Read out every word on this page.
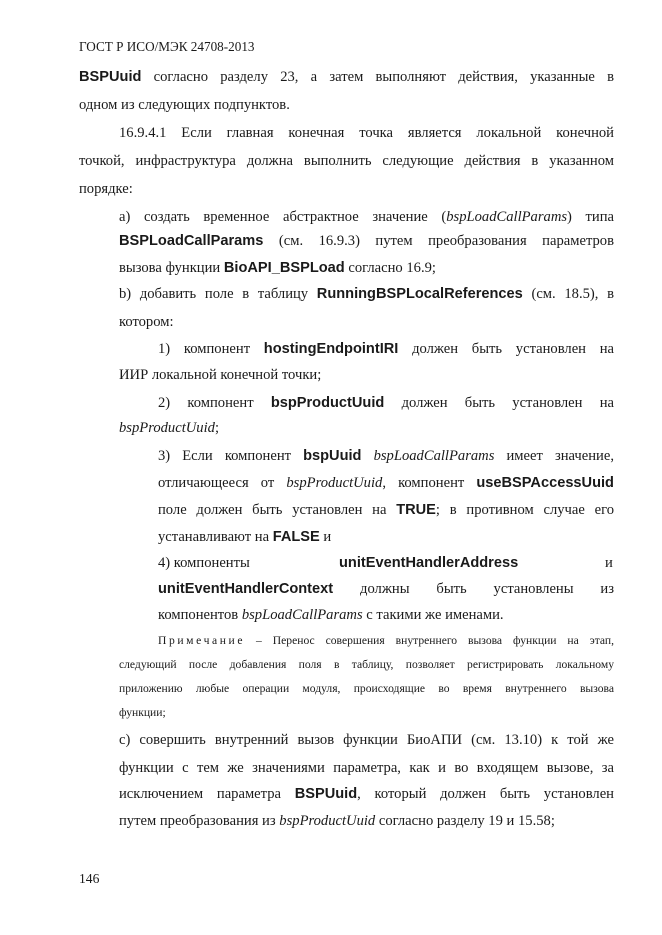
ГОСТ Р ИСО/МЭК 24708-2013
BSPUuid согласно разделу 23, а затем выполняют действия, указанные в
одном из следующих подпунктов.
16.9.4.1 Если главная конечная точка является локальной конечной
точкой, инфраструктура должна выполнить следующие действия в указанном
порядке:
а) создать временное абстрактное значение (bspLoadCallParams) типа
BSPLoadCallParams (см. 16.9.3) путем преобразования параметров
вызова функции BioAPI_BSPLoad согласно 16.9;
b) добавить поле в таблицу RunningBSPLocalReferences (см. 18.5), в
котором:
1) компонент hostingEndpointIRI должен быть установлен на
ИИР локальной конечной точки;
2) компонент bspProductUuid должен быть установлен на
bspProductUuid;
3) Если компонент bspUuid bspLoadCallParams имеет значение,
отличающееся от bspProductUuid, компонент useBSPAccessUuid
поле должен быть установлен на TRUE; в противном случае его
устанавливают на FALSE и
4) компоненты	unitEventHandlerAddress	и
unitEventHandlerContext должны быть установлены из
компонентов bspLoadCallParams с такими же именами.
Примечание – Перенос совершения внутреннего вызова функции на этап,
следующий после добавления поля в таблицу, позволяет регистрировать локальному
приложению любые операции модуля, происходящие во время внутреннего вызова
функции;
с) совершить внутренний вызов функции БиоАПИ (см. 13.10) к той же
функции с тем же значениями параметра, как и во входящем вызове, за
исключением параметра BSPUuid, который должен быть установлен
путем преобразования из bspProductUuid согласно разделу 19 и 15.58;
146
